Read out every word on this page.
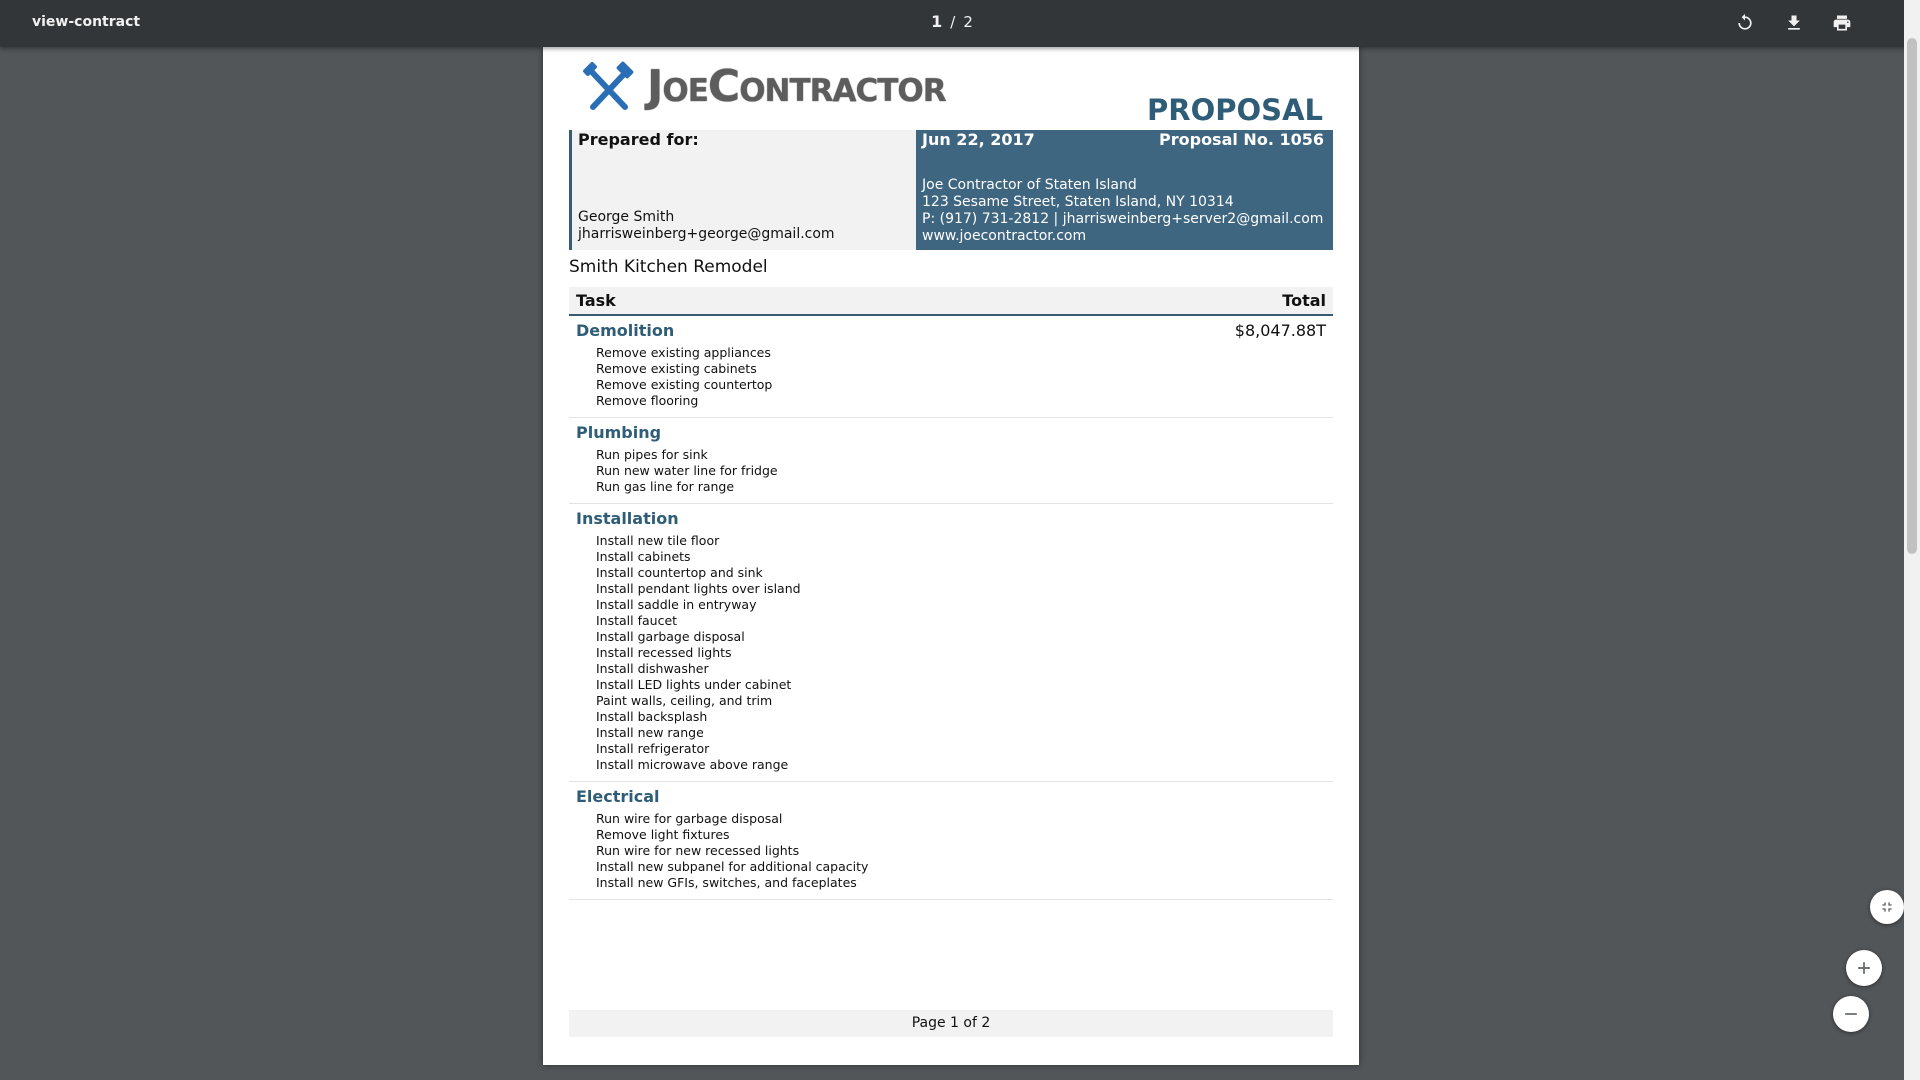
view-contract	1 / 2
JoeContractor	PROPOSAL
Prepared for:
George Smith
jharrisweinberg+george@gmail.com
Jun 22, 2017	Proposal No. 1056
Joe Contractor of Staten Island
123 Sesame Street, Staten Island, NY 10314
P: (917) 731-2812 | jharrisweinberg+server2@gmail.com
www.joecontractor.com
Smith Kitchen Remodel
Task	Total
Demolition	$8,047.88T
Remove existing appliances
Remove existing cabinets
Remove existing countertop
Remove flooring
Plumbing
Run pipes for sink
Run new water line for fridge
Run gas line for range
Installation
Install new tile floor
Install cabinets
Install countertop and sink
Install pendant lights over island
Install saddle in entryway
Install faucet
Install garbage disposal
Install recessed lights
Install dishwasher
Install LED lights under cabinet
Paint walls, ceiling, and trim
Install backsplash
Install new range
Install refrigerator
Install microwave above range
Electrical
Run wire for garbage disposal
Remove light fixtures
Run wire for new recessed lights
Install new subpanel for additional capacity
Install new GFIs, switches, and faceplates
Page 1 of 2
